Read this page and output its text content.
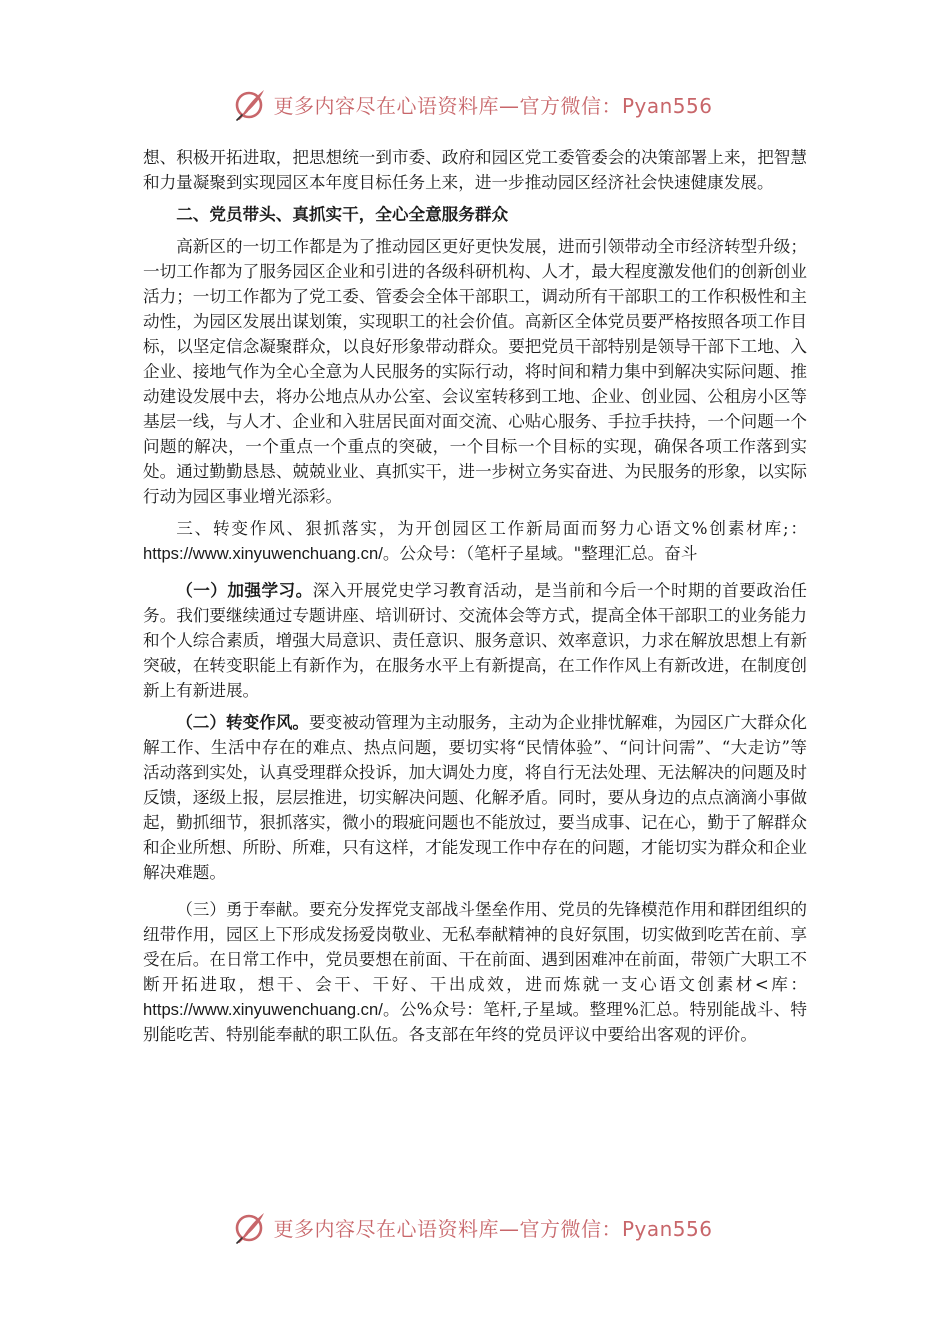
更多内容尽在心语资料库—官方微信：Pyan556

想、积极开拓进取，把思想统一到市委、政府和园区党工委管委会的决策部署上来，把智慧和力量凝聚到实现园区本年度目标任务上来，进一步推动园区经济社会快速健康发展。

二、党员带头、真抓实干，全心全意服务群众

高新区的一切工作都是为了推动园区更好更快发展，进而引领带动全市经济转型升级；一切工作都为了服务园区企业和引进的各级科研机构、人才，最大程度激发他们的创新创业活力；一切工作都为了党工委、管委会全体干部职工，调动所有干部职工的工作积极性和主动性，为园区发展出谋划策，实现职工的社会价值。高新区全体党员要严格按照各项工作目标，以坚定信念凝聚群众，以良好形象带动群众。要把党员干部特别是领导干部下工地、入企业、接地气作为全心全意为人民服务的实际行动，将时间和精力集中到解决实际问题、推动建设发展中去，将办公地点从办公室、会议室转移到工地、企业、创业园、公租房小区等基层一线，与人才、企业和入驻居民面对面交流、心贴心服务、手拉手扶持，一个问题一个问题的解决，一个重点一个重点的突破，一个目标一个目标的实现，确保各项工作落到实处。通过勤勤恳恳、兢兢业业、真抓实干，进一步树立务实奋进、为民服务的形象，以实际行动为园区事业增光添彩。

三、转变作风、狠抓落实，为开创园区工作新局面而努力心语文%创素材库;：https://www.xinyuwenchuang.cn/。公众号：（笔杆子星域。"整理汇总。奋斗

（一）加强学习。深入开展党史学习教育活动，是当前和今后一个时期的首要政治任务。我们要继续通过专题讲座、培训研讨、交流体会等方式，提高全体干部职工的业务能力和个人综合素质，增强大局意识、责任意识、服务意识、效率意识，力求在解放思想上有新突破，在转变职能上有新作为，在服务水平上有新提高，在工作作风上有新改进，在制度创新上有新进展。

（二）转变作风。要变被动管理为主动服务，主动为企业排忧解难，为园区广大群众化解工作、生活中存在的难点、热点问题，要切实将“民情体验”、“问计问需”、“大走访”等活动落到实处，认真受理群众投诉，加大调处力度，将自行无法处理、无法解决的问题及时反馈，逐级上报，层层推进，切实解决问题、化解矛盾。同时，要从身边的点点滴滴小事做起，勤抓细节，狠抓落实，微小的瑕疵问题也不能放过，要当成事、记在心，勤于了解群众和企业所想、所盼、所难，只有这样，才能发现工作中存在的问题，才能切实为群众和企业解决难题。

（三）勇于奉献。要充分发挥党支部战斗堡垒作用、党员的先锋模范作用和群团组织的纽带作用，园区上下形成发扬爱岗敬业、无私奉献精神的良好氛围，切实做到吃苦在前、享受在后。在日常工作中，党员要想在前面、干在前面、遇到困难冲在前面，带领广大职工不断开拓进取，想干、会干、干好、干出成效，进而炼就一支心语文创素材<库：https://www.xinyuwenchuang.cn/。公%众号：笔杆,子星域。整理%汇总。特别能战斗、特别能吃苦、特别能奉献的职工队伍。各支部在年终的党员评议中要给出客观的评价。

更多内容尽在心语资料库—官方微信：Pyan556
